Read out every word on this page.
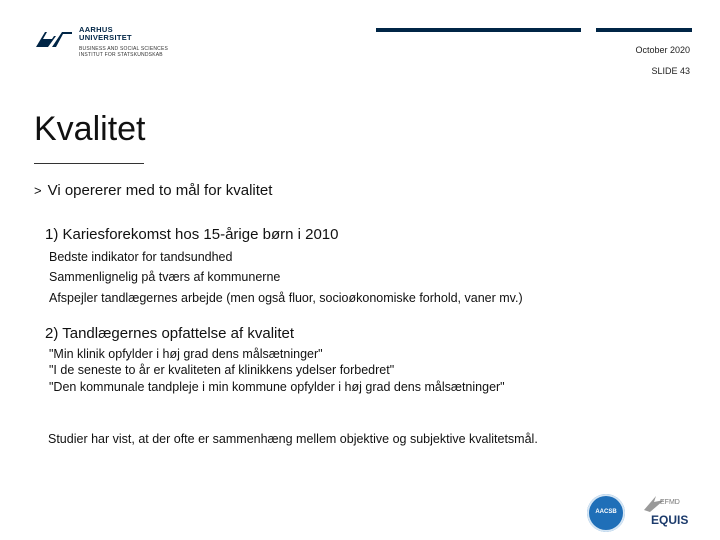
AARHUS
UNIVERSITET
BUSINESS AND SOCIAL SCIENCES
INSTITUT FOR STATSKUNDSKAB	October 2020
SLIDE 43
Kvalitet
> Vi opererer med to mål for kvalitet
1) Kariesforekomst hos 15-årige børn i 2010
Bedste indikator for tandsundhed
Sammenlignelig på tværs af kommunerne
Afspejler tandlægernes arbejde (men også fluor, socioøkonomiske forhold, vaner mv.)
2) Tandlægernes opfattelse af kvalitet
"Min klinik opfylder i høj grad dens målsætninger"
"I de seneste to år er kvaliteten af klinikkens ydelser forbedret"
"Den kommunale tandpleje i min kommune opfylder i høj grad dens målsætninger"
Studier har vist, at der ofte er sammenhæng mellem objektive og subjektive kvalitetsmål.
AACSB
EFMD
EQUIS
